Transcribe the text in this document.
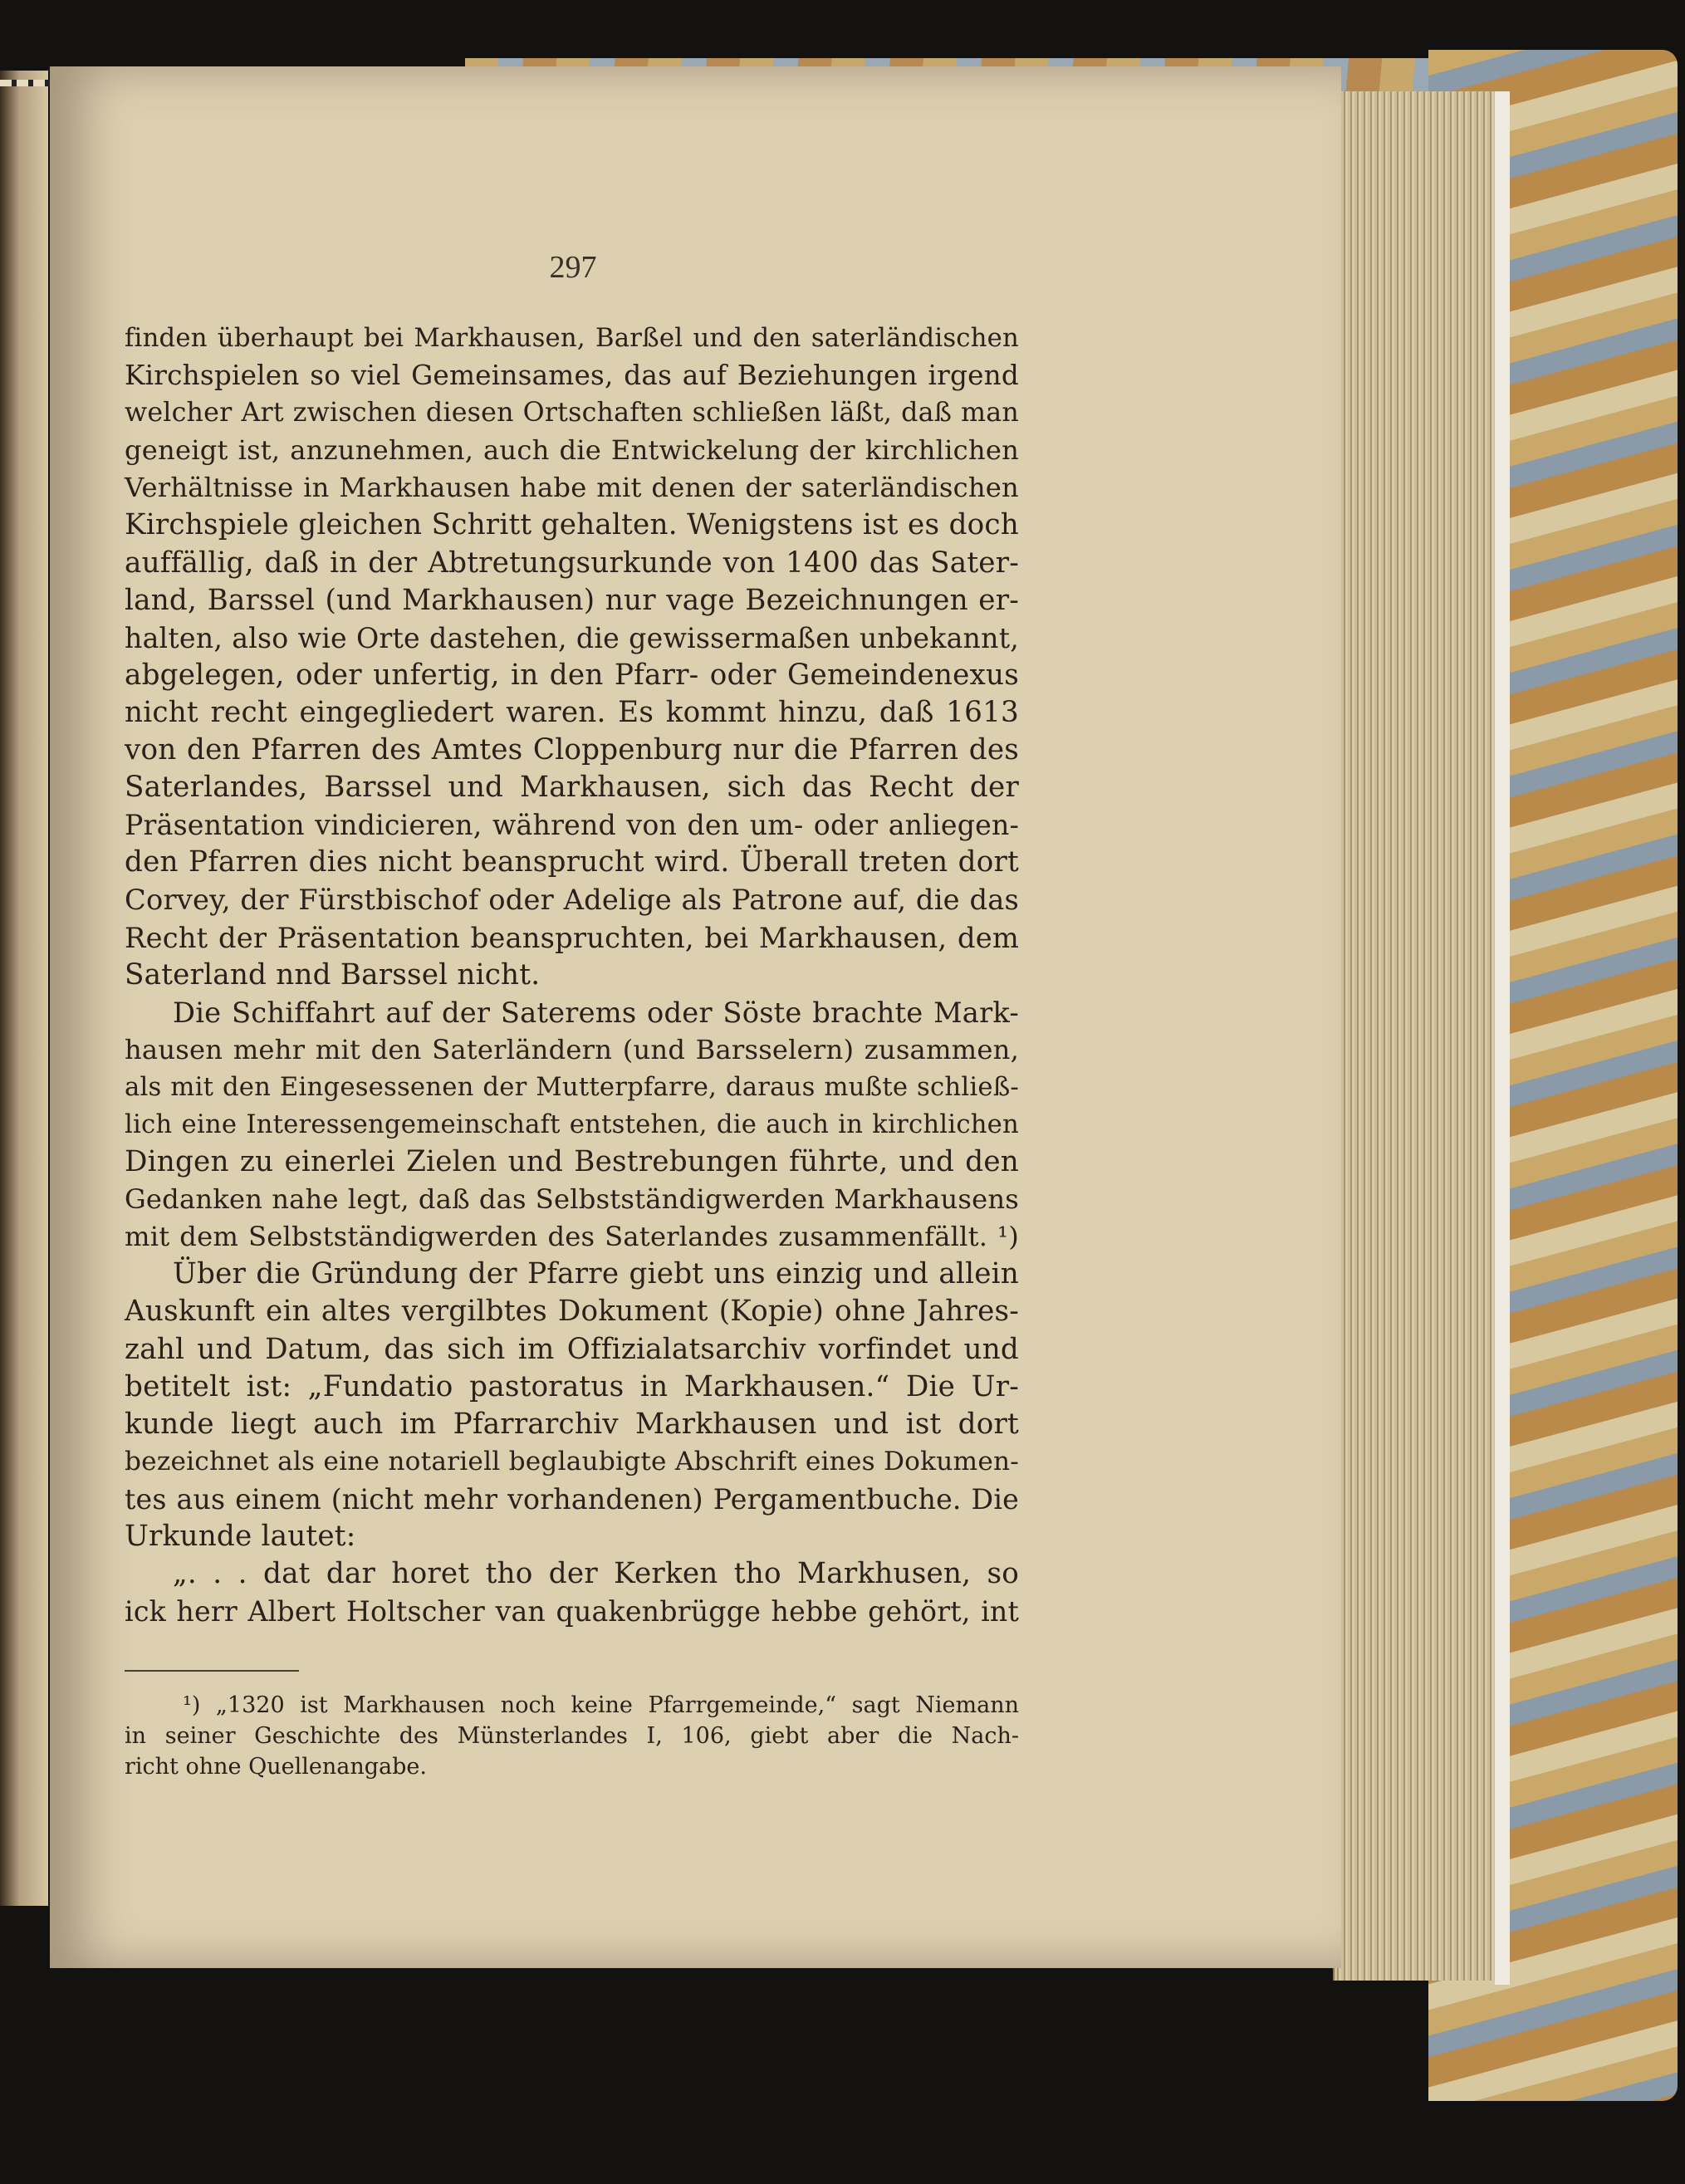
297
finden überhaupt bei Markhausen, Barßel und den saterländischen
Kirchspielen so viel Gemeinsames, das auf Beziehungen irgend
welcher Art zwischen diesen Ortschaften schließen läßt, daß man
geneigt ist, anzunehmen, auch die Entwickelung der kirchlichen
Verhältnisse in Markhausen habe mit denen der saterländischen
Kirchspiele gleichen Schritt gehalten. Wenigstens ist es doch
auffällig, daß in der Abtretungsurkunde von 1400 das Sater-
land, Barssel (und Markhausen) nur vage Bezeichnungen er-
halten, also wie Orte dastehen, die gewissermaßen unbekannt,
abgelegen, oder unfertig, in den Pfarr- oder Gemeindenexus
nicht recht eingegliedert waren. Es kommt hinzu, daß 1613
von den Pfarren des Amtes Cloppenburg nur die Pfarren des
Saterlandes, Barssel und Markhausen, sich das Recht der
Präsentation vindicieren, während von den um- oder anliegen-
den Pfarren dies nicht beansprucht wird. Überall treten dort
Corvey, der Fürstbischof oder Adelige als Patrone auf, die das
Recht der Präsentation beanspruchten, bei Markhausen, dem
Saterland nnd Barssel nicht.
Die Schiffahrt auf der Saterems oder Söste brachte Mark-
hausen mehr mit den Saterländern (und Barsselern) zusammen,
als mit den Eingesessenen der Mutterpfarre, daraus mußte schließ-
lich eine Interessengemeinschaft entstehen, die auch in kirchlichen
Dingen zu einerlei Zielen und Bestrebungen führte, und den
Gedanken nahe legt, daß das Selbstständigwerden Markhausens
mit dem Selbstständigwerden des Saterlandes zusammenfällt. ¹)
Über die Gründung der Pfarre giebt uns einzig und allein
Auskunft ein altes vergilbtes Dokument (Kopie) ohne Jahres-
zahl und Datum, das sich im Offizialatsarchiv vorfindet und
betitelt ist: „Fundatio pastoratus in Markhausen.“ Die Ur-
kunde liegt auch im Pfarrarchiv Markhausen und ist dort
bezeichnet als eine notariell beglaubigte Abschrift eines Dokumen-
tes aus einem (nicht mehr vorhandenen) Pergamentbuche. Die
Urkunde lautet:
„. . . dat dar horet tho der Kerken tho Markhusen, so
ick herr Albert Holtscher van quakenbrügge hebbe gehört, int
¹) „1320 ist Markhausen noch keine Pfarrgemeinde,“ sagt Niemann
in seiner Geschichte des Münsterlandes I, 106, giebt aber die Nach-
richt ohne Quellenangabe.
